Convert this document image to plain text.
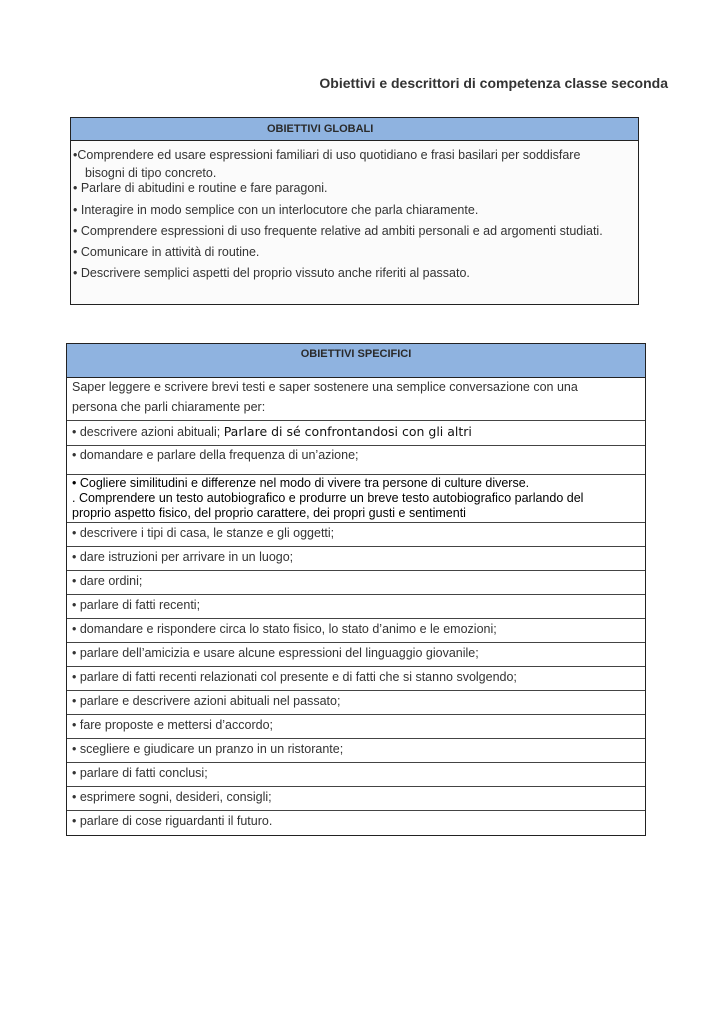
Obiettivi e descrittori di competenza classe seconda
OBIETTIVI GLOBALI
•Comprendere ed usare espressioni familiari di uso quotidiano e frasi basilari per soddisfare
bisogni di tipo concreto.
• Parlare di abitudini e routine e fare paragoni.
• Interagire in modo semplice con un interlocutore che parla chiaramente.
• Comprendere espressioni di uso frequente relative ad ambiti personali e ad argomenti studiati.
• Comunicare in attività di routine.
• Descrivere semplici aspetti del proprio vissuto anche riferiti al passato.
OBIETTIVI SPECIFICI
Saper leggere e scrivere brevi testi e saper sostenere una semplice conversazione con una
persona che parli chiaramente per:
• descrivere azioni abituali; Parlare di sé confrontandosi con gli altri
• domandare e parlare della frequenza di un’azione;
• Cogliere similitudini e differenze nel modo di vivere tra persone di culture diverse.
. Comprendere un testo autobiografico e produrre un breve testo autobiografico parlando del
proprio aspetto fisico, del proprio carattere, dei propri gusti e sentimenti
• descrivere i tipi di casa, le stanze e gli oggetti;
• dare istruzioni per arrivare in un luogo;
• dare ordini;
• parlare di fatti recenti;
• domandare e rispondere circa lo stato fisico, lo stato d’animo e le emozioni;
• parlare dell’amicizia e usare alcune espressioni del linguaggio giovanile;
• parlare di fatti recenti relazionati col presente e di fatti che si stanno svolgendo;
• parlare e descrivere azioni abituali nel passato;
• fare proposte e mettersi d’accordo;
• scegliere e giudicare un pranzo in un ristorante;
• parlare di fatti conclusi;
• esprimere sogni, desideri, consigli;
• parlare di cose riguardanti il futuro.
